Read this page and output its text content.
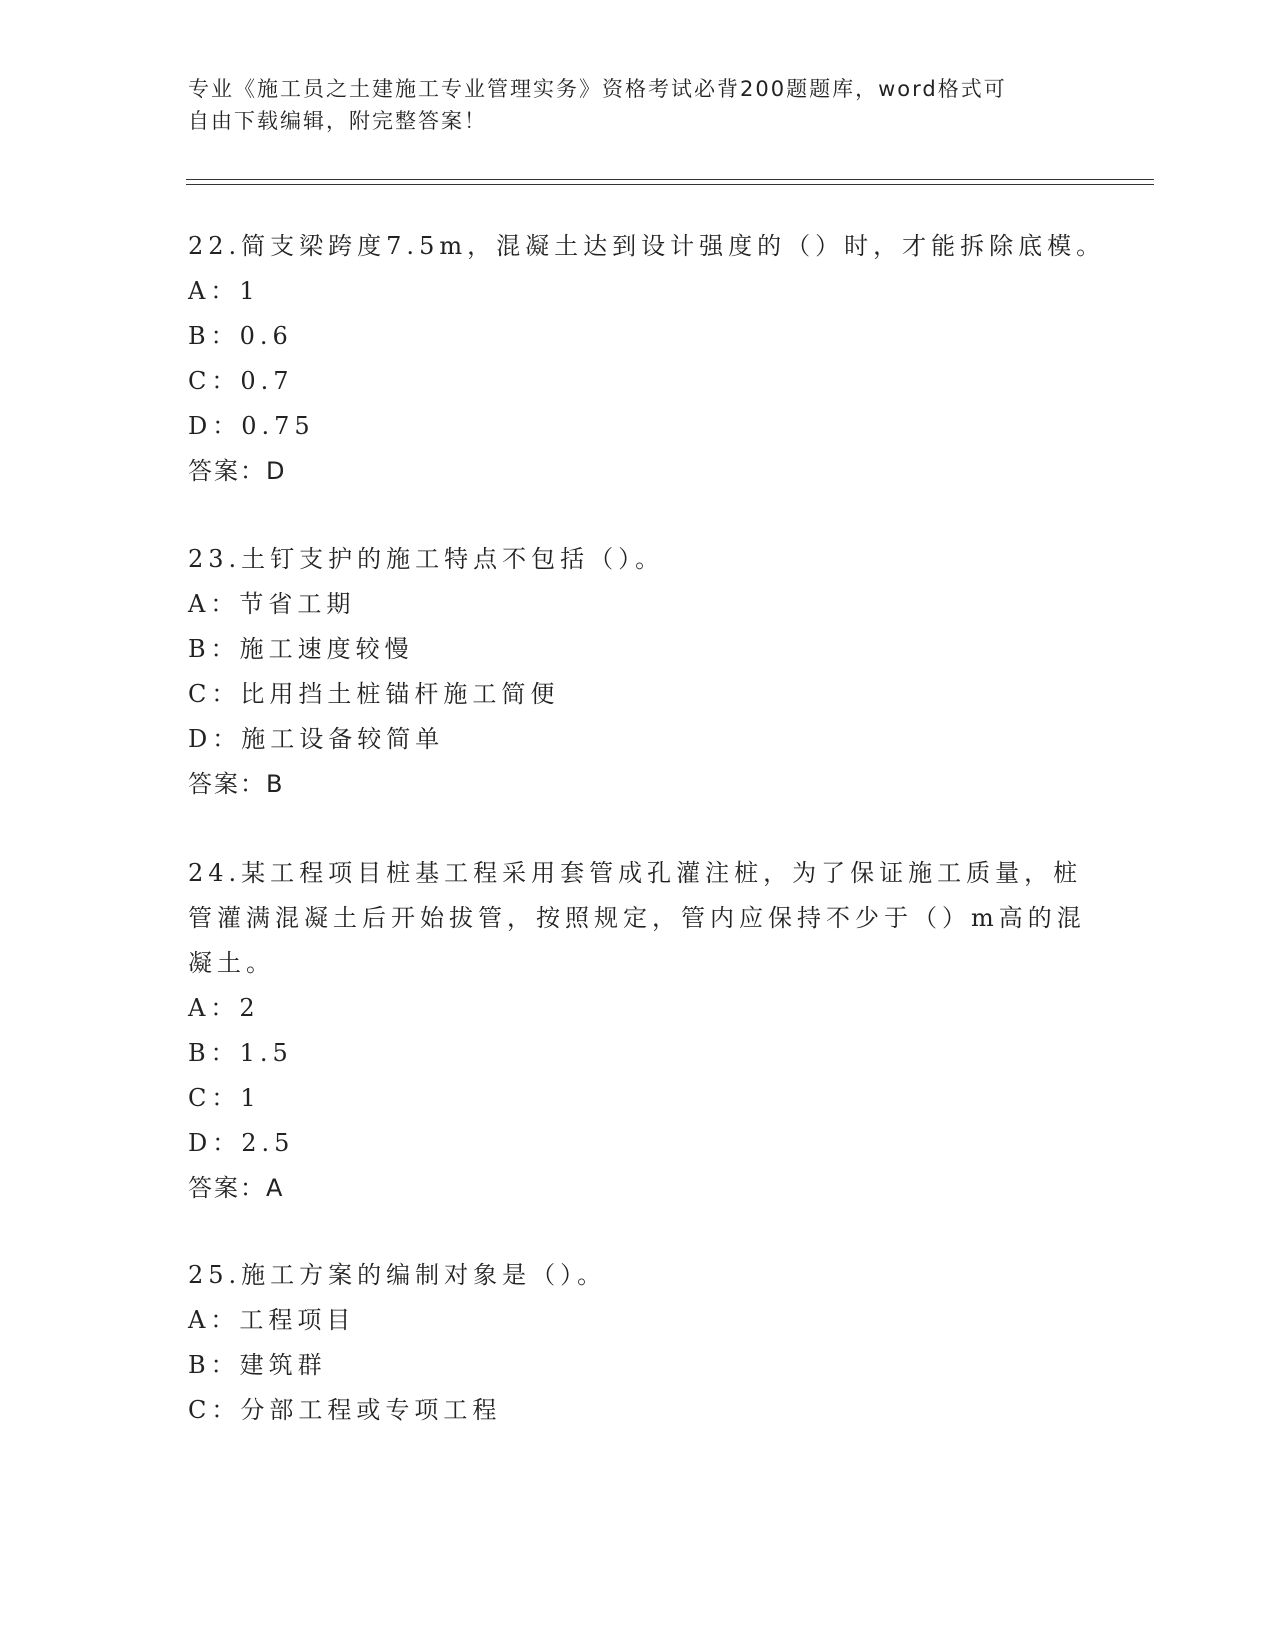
专业《施工员之土建施工专业管理实务》资格考试必背200题题库，word格式可
自由下载编辑，附完整答案！
22.简支梁跨度7.5m，混凝土达到设计强度的（）时，才能拆除底模。
A：1
B：0.6
C：0.7
D：0.75
答案：D
23.土钉支护的施工特点不包括（）。
A：节省工期
B：施工速度较慢
C：比用挡土桩锚杆施工简便
D：施工设备较简单
答案：B
24.某工程项目桩基工程采用套管成孔灌注桩，为了保证施工质量，桩
管灌满混凝土后开始拔管，按照规定，管内应保持不少于（）m高的混
凝土。
A：2
B：1.5
C：1
D：2.5
答案：A
25.施工方案的编制对象是（）。
A：工程项目
B：建筑群
C：分部工程或专项工程
